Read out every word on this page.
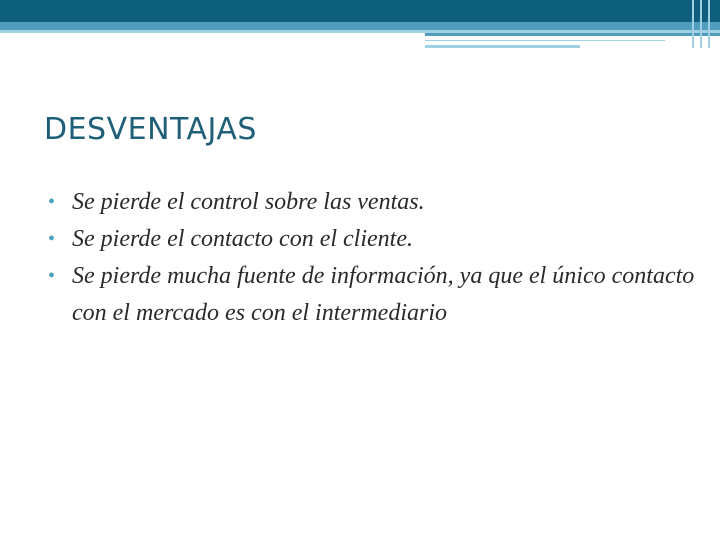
DESVENTAJAS
• Se pierde el control sobre las ventas.
• Se pierde el contacto con el cliente.
• Se pierde mucha fuente de información, ya que el único contacto con el mercado es con el intermediario
